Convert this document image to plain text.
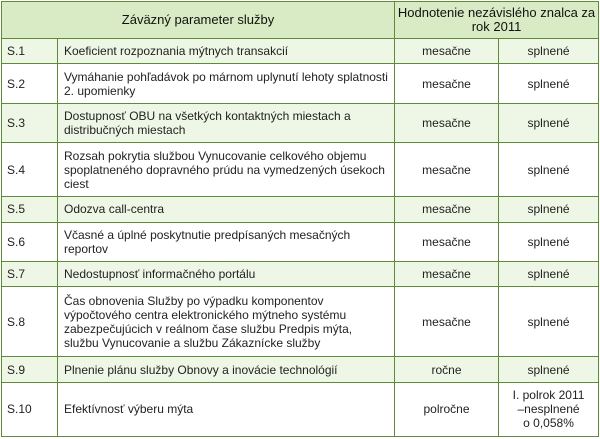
Záväzný parameter služby		Hodnotenie nezávislého znalca za rok 2011	
S.1	Koeficient rozpoznania mýtnych transakcií	mesačne	splnené

S.2	Vymáhanie pohľadávok po márnom uplynutí lehoty splatnosti 2. upomienky	mesačne	splnené

S.3	Dostupnosť OBU na všetkých kontaktných miestach a distribučných miestach	mesačne	splnené

S.4	Rozsah pokrytia službou Vynucovanie celkového objemu spoplatneného dopravného prúdu na vymedzených úsekoch ciest	mesačne	splnené

S.5	Odozva call-centra	mesačne	splnené

S.6	Včasné a úplné poskytnutie predpísaných mesačných reportov	mesačne	splnené

S.7	Nedostupnosť informačného portálu	mesačne	splnené

S.8	Čas obnovenia Služby po výpadku komponentov výpočtového centra elektronického mýtneho systému zabezpečujúcich v reálnom čase službu Predpis mýta, službu Vynucovanie a službu Zákaznícke služby	mesačne	splnené

S.9	Plnenie plánu služby Obnovy a inovácie technológií	ročne	splnené

S.10	Efektívnosť výberu mýta	polročne	I. polrok 2011
–nesplnené
o 0,058%
